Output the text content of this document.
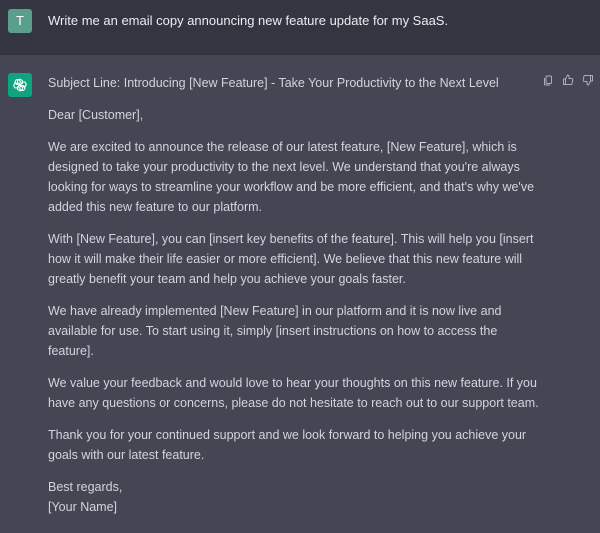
T	Write me an email copy announcing new feature update for my SaaS.

Subject Line: Introducing [New Feature] - Take Your Productivity to the Next Level

Dear [Customer],

We are excited to announce the release of our latest feature, [New Feature], which is designed to take your productivity to the next level. We understand that you're always looking for ways to streamline your workflow and be more efficient, and that's why we've added this new feature to our platform.

With [New Feature], you can [insert key benefits of the feature]. This will help you [insert how it will make their life easier or more efficient]. We believe that this new feature will greatly benefit your team and help you achieve your goals faster.

We have already implemented [New Feature] in our platform and it is now live and available for use. To start using it, simply [insert instructions on how to access the feature].

We value your feedback and would love to hear your thoughts on this new feature. If you have any questions or concerns, please do not hesitate to reach out to our support team.

Thank you for your continued support and we look forward to helping you achieve your goals with our latest feature.

Best regards,

[Your Name]
